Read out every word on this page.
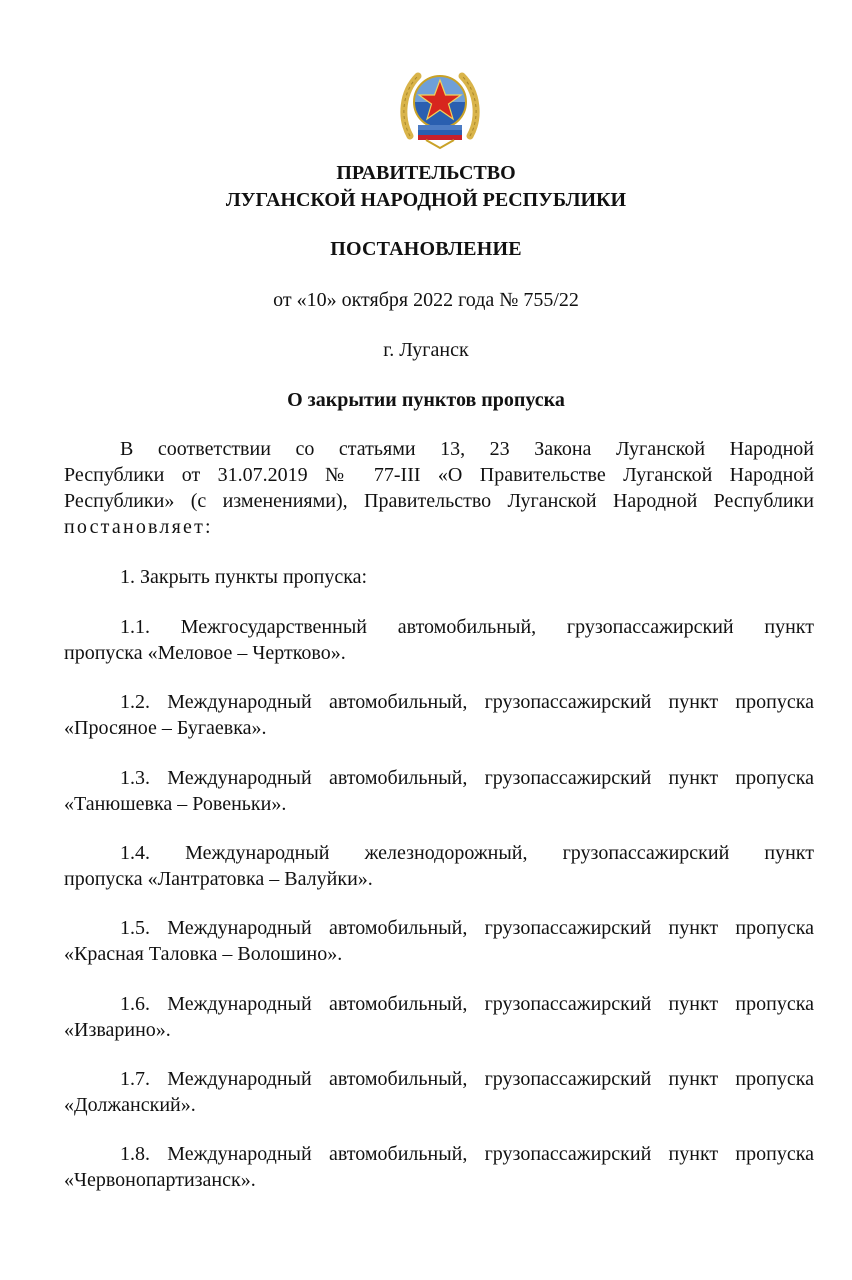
ПРАВИТЕЛЬСТВО
ЛУГАНСКОЙ НАРОДНОЙ РЕСПУБЛИКИ
ПОСТАНОВЛЕНИЕ
от «10» октября 2022 года № 755/22
г. Луганск
О закрытии пунктов пропуска
В соответствии со статьями 13, 23 Закона Луганской Народной
Республики от 31.07.2019 № 77-III «О Правительстве Луганской Народной
Республики» (с изменениями), Правительство Луганской Народной Республики
постановляет:
1. Закрыть пункты пропуска:
1.1. Межгосударственный автомобильный, грузопассажирский пункт
пропуска «Меловое – Чертково».
1.2. Международный автомобильный, грузопассажирский пункт пропуска
«Просяное – Бугаевка».
1.3. Международный автомобильный, грузопассажирский пункт пропуска
«Танюшевка – Ровеньки».
1.4. Международный железнодорожный, грузопассажирский пункт
пропуска «Лантратовка – Валуйки».
1.5. Международный автомобильный, грузопассажирский пункт пропуска
«Красная Таловка – Волошино».
1.6. Международный автомобильный, грузопассажирский пункт пропуска
«Изварино».
1.7. Международный автомобильный, грузопассажирский пункт пропуска
«Должанский».
1.8. Международный автомобильный, грузопассажирский пункт пропуска
«Червонопартизанск».
